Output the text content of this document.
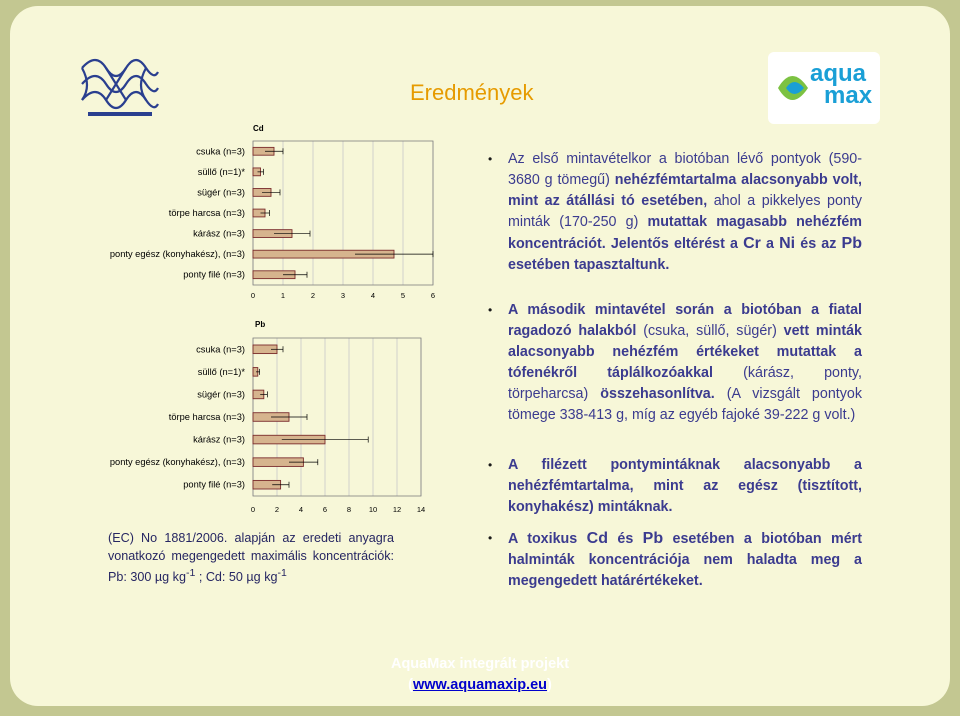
aqua
max
Eredmények
Cd
0	1	2	3	4	5	6
csuka (n=3)
süllő (n=1)*
sügér (n=3)
törpe harcsa (n=3)
kárász (n=3)
ponty egész (konyhakész), (n=3)
ponty filé (n=3)
Pb
0	2	4	6	8 10 12 14
csuka (n=3)
süllő (n=1)*
sügér (n=3)
törpe harcsa (n=3)
kárász (n=3)
ponty egész (konyhakész), (n=3)
ponty filé (n=3)
•	Az első mintavételkor a biotóban lévő pontyok (590-3680 g tömegű) nehézfémtartalma alacsonyabb volt, mint az átállási tó esetében, ahol a pikkelyes ponty minták (170-250 g) mutattak magasabb nehézfém koncentrációt. Jelentős eltérést a Cr a Ni és az Pb esetében tapasztaltunk.
•	A második mintavétel során a biotóban a fiatal ragadozó halakból (csuka, süllő, sügér) vett minták alacsonyabb nehézfém értékeket mutattak a tófenékről táplálkozóakkal (kárász, ponty, törpeharcsa) összehasonlítva. (A vizsgált pontyok tömege 338-413 g, míg az egyéb fajoké 39-222 g volt.)
•	A filézett pontymintáknak alacsonyabb a nehézfémtartalma, mint az egész (tisztított, konyhakész) mintáknak.
•	A toxikus Cd és Pb esetében a biotóban mért halminták koncentrációja nem haladta meg a megengedett határértékeket.
(EC) No 1881/2006. alapján az eredeti anyagra vonatkozó megengedett maximális koncentrációk: Pb: 300 µg $kg^{-1}$ ; Cd: 50 µg $kg^{-1}$
AquaMax integrált projekt
(www.aquamaxip.eu)
